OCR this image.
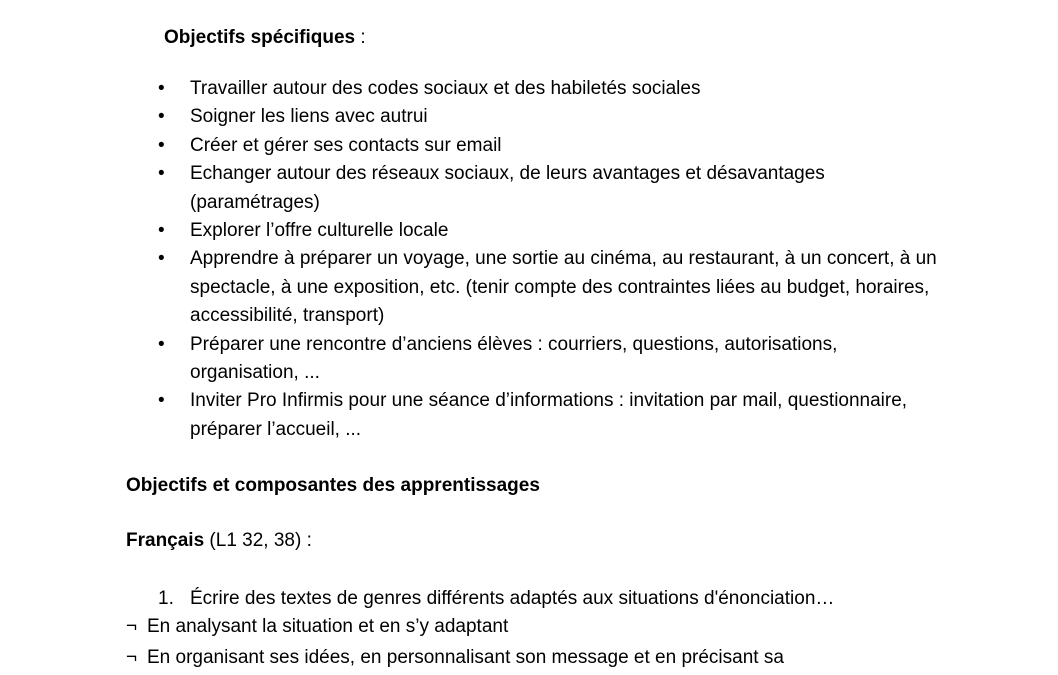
Objectifs spécifiques :
• Travailler autour des codes sociaux et des habiletés sociales
• Soigner les liens avec autrui
• Créer et gérer ses contacts sur email
• Echanger autour des réseaux sociaux, de leurs avantages et désavantages (paramétrages)
• Explorer l’offre culturelle locale
• Apprendre à préparer un voyage, une sortie au cinéma, au restaurant, à un concert, à un spectacle, à une exposition, etc. (tenir compte des contraintes liées au budget, horaires, accessibilité, transport)
• Préparer une rencontre d’anciens élèves : courriers, questions, autorisations, organisation, ...
• Inviter Pro Infirmis pour une séance d’informations : invitation par mail, questionnaire, préparer l’accueil, ...
Objectifs et composantes des apprentissages
Français (L1 32, 38) :
1. Écrire des textes de genres différents adaptés aux situations d'énonciation…
¬ En analysant la situation et en s’y adaptant
¬ En organisant ses idées, en personnalisant son message et en précisant sa
